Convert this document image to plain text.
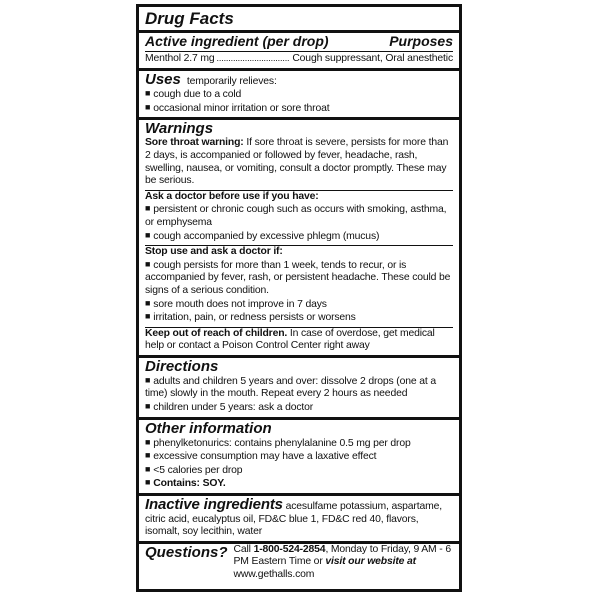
Drug Facts
Active ingredient (per drop)	Purposes
Menthol 2.7 mg ............................... Cough suppressant, Oral anesthetic
Uses temporarily relieves:
■ cough due to a cold
■ occasional minor irritation or sore throat
Warnings
Sore throat warning: If sore throat is severe, persists for more than 2 days, is accompanied or followed by fever, headache, rash, swelling, nausea, or vomiting, consult a doctor promptly. These may be serious.
Ask a doctor before use if you have:
■ persistent or chronic cough such as occurs with smoking, asthma, or emphysema
■ cough accompanied by excessive phlegm (mucus)
Stop use and ask a doctor if:
■ cough persists for more than 1 week, tends to recur, or is accompanied by fever, rash, or persistent headache. These could be signs of a serious condition.
■ sore mouth does not improve in 7 days
■ irritation, pain, or redness persists or worsens
Keep out of reach of children. In case of overdose, get medical help or contact a Poison Control Center right away
Directions
■ adults and children 5 years and over: dissolve 2 drops (one at a time) slowly in the mouth. Repeat every 2 hours as needed
■ children under 5 years: ask a doctor
Other information
■ phenylketonurics: contains phenylalanine 0.5 mg per drop
■ excessive consumption may have a laxative effect
■ <5 calories per drop
■ Contains: SOY.
Inactive ingredients acesulfame potassium, aspartame, citric acid, eucalyptus oil, FD&C blue 1, FD&C red 40, flavors, isomalt, soy lecithin, water
Questions? Call 1-800-524-2854, Monday to Friday, 9 AM - 6 PM Eastern Time or visit our website at www.gethalls.com
